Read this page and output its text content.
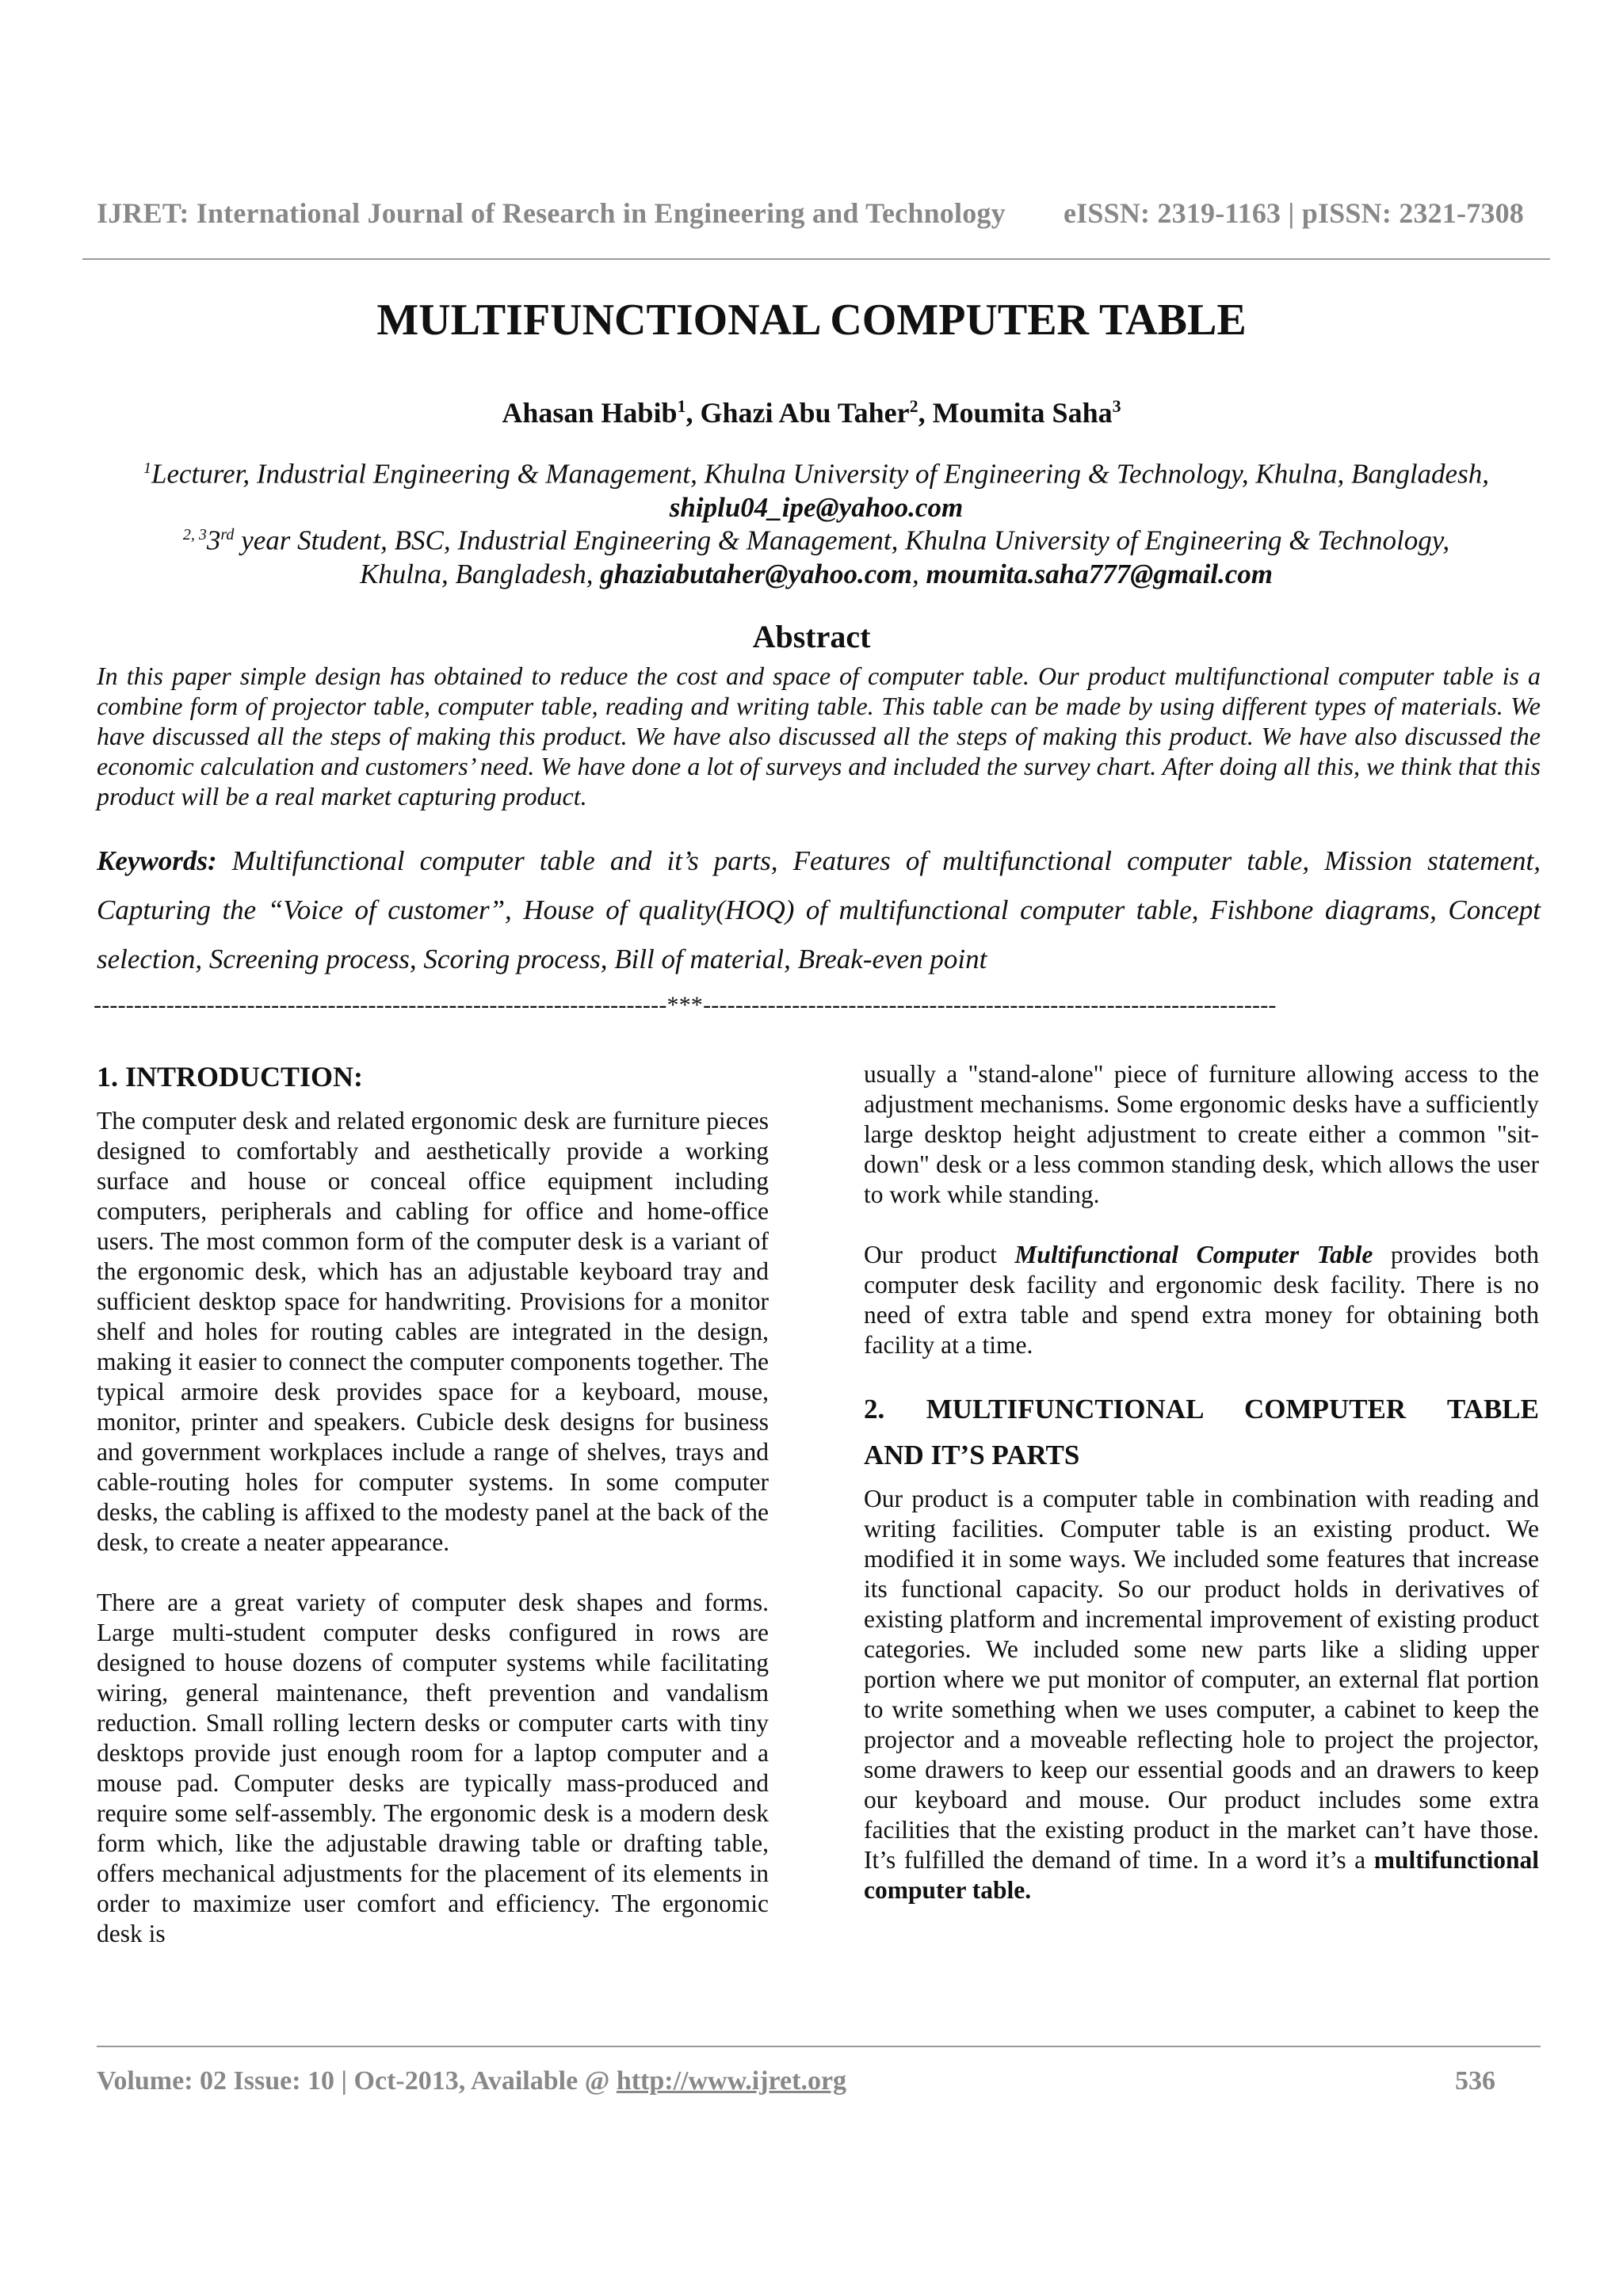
IJRET: International Journal of Research in Engineering and Technology eISSN: 2319-1163 | pISSN: 2321-7308
MULTIFUNCTIONAL COMPUTER TABLE
Ahasan Habib$^1$, Ghazi Abu Taher$^2$, Moumita Saha$^3$
$^1$Lecturer, Industrial Engineering & Management, Khulna University of Engineering & Technology, Khulna, Bangladesh,
shiplu04_ipe@yahoo.com
$^{2, 3}$3rd year Student, BSC, Industrial Engineering & Management, Khulna University of Engineering & Technology,
Khulna, Bangladesh, ghaziabutaher@yahoo.com, moumita.saha777@gmail.com
Abstract
In this paper simple design has obtained to reduce the cost and space of computer table. Our product multifunctional computer table is a combine form of projector table, computer table, reading and writing table. This table can be made by using different types of materials. We have discussed all the steps of making this product. We have also discussed all the steps of making this product. We have also discussed the economic calculation and customers’ need. We have done a lot of surveys and included the survey chart. After doing all this, we think that this product will be a real market capturing product.
Keywords: Multifunctional computer table and it’s parts, Features of multifunctional computer table, Mission statement, Capturing the “Voice of customer”, House of quality(HOQ) of multifunctional computer table, Fishbone diagrams, Concept selection, Screening process, Scoring process, Bill of material, Break-even point
-----------------------------------------------------------------------***-----------------------------------------------------------------------

1. INTRODUCTION:

The computer desk and related ergonomic desk are furniture pieces designed to comfortably and aesthetically provide a working surface and house or conceal office equipment including computers, peripherals and cabling for office and home-office users. The most common form of the computer desk is a variant of the ergonomic desk, which has an adjustable keyboard tray and sufficient desktop space for handwriting. Provisions for a monitor shelf and holes for routing cables are integrated in the design, making it easier to connect the computer components together. The typical armoire desk provides space for a keyboard, mouse, monitor, printer and speakers. Cubicle desk designs for business and government workplaces include a range of shelves, trays and cable-routing holes for computer systems. In some computer desks, the cabling is affixed to the modesty panel at the back of the desk, to create a neater appearance.

There are a great variety of computer desk shapes and forms. Large multi-student computer desks configured in rows are designed to house dozens of computer systems while facilitating wiring, general maintenance, theft prevention and vandalism reduction. Small rolling lectern desks or computer carts with tiny desktops provide just enough room for a laptop computer and a mouse pad. Computer desks are typically mass-produced and require some self-assembly. The ergonomic desk is a modern desk form which, like the adjustable drawing table or drafting table, offers mechanical adjustments for the placement of its elements in order to maximize user comfort and efficiency. The ergonomic desk is

usually a "stand-alone" piece of furniture allowing access to the adjustment mechanisms. Some ergonomic desks have a sufficiently large desktop height adjustment to create either a common "sit-down" desk or a less common standing desk, which allows the user to work while standing.

Our product Multifunctional Computer Table provides both computer desk facility and ergonomic desk facility. There is no need of extra table and spend extra money for obtaining both facility at a time.

2. MULTIFUNCTIONAL COMPUTER TABLE
AND IT’S PARTS

Our product is a computer table in combination with reading and writing facilities. Computer table is an existing product. We modified it in some ways. We included some features that increase its functional capacity. So our product holds in derivatives of existing platform and incremental improvement of existing product categories. We included some new parts like a sliding upper portion where we put monitor of computer, an external flat portion to write something when we uses computer, a cabinet to keep the projector and a moveable reflecting hole to project the projector, some drawers to keep our essential goods and an drawers to keep our keyboard and mouse. Our product includes some extra facilities that the existing product in the market can’t have those. It’s fulfilled the demand of time. In a word it’s a multifunctional computer table.

Volume: 02 Issue: 10 | Oct-2013, Available @ http://www.ijret.org	536
